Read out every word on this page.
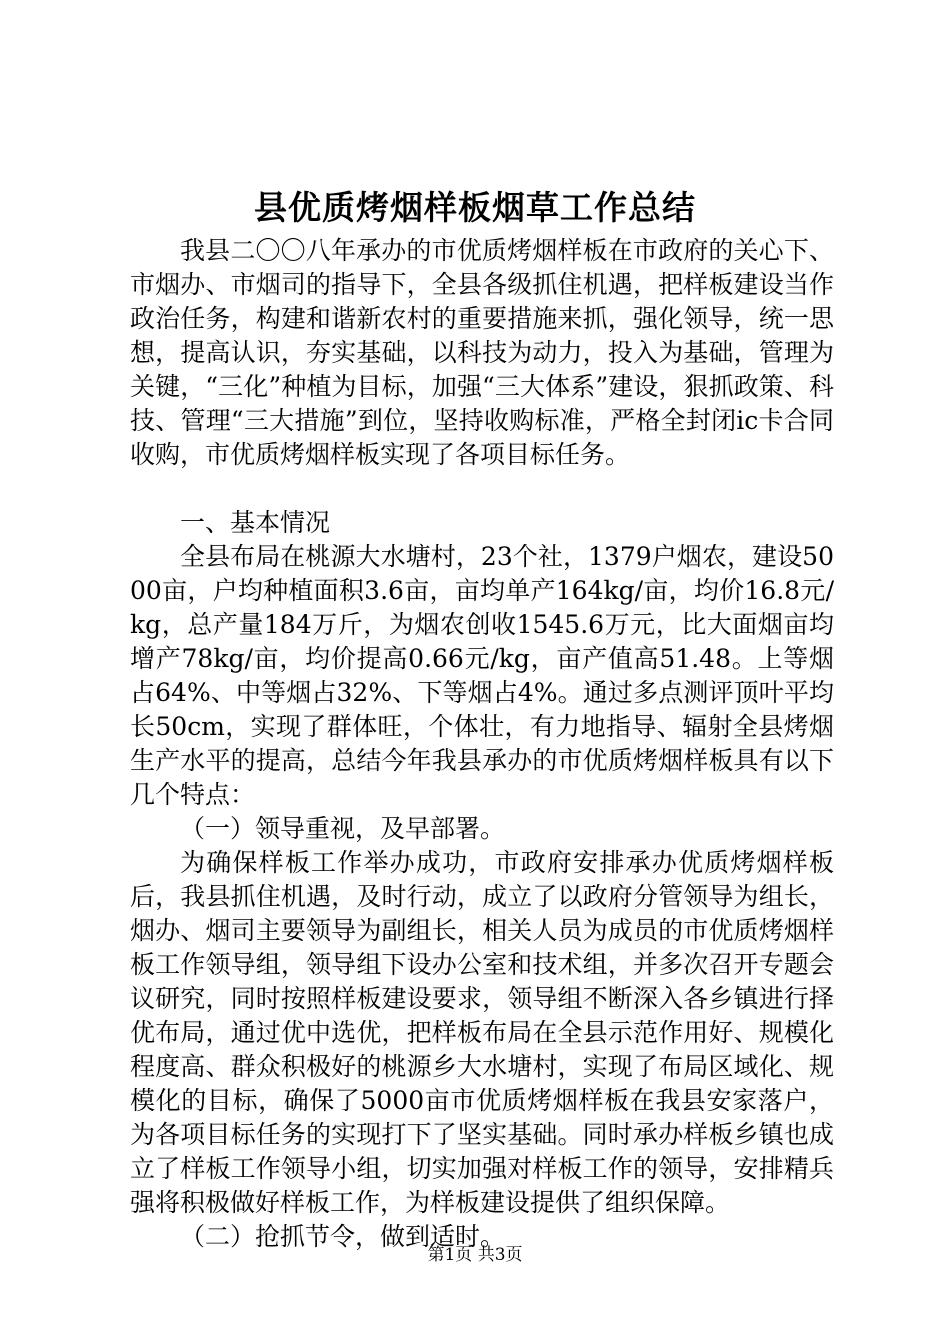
县优质烤烟样板烟草工作总结

我县二〇〇八年承办的市优质烤烟样板在市政府的关心下、市烟办、市烟司的指导下，全县各级抓住机遇，把样板建设当作政治任务，构建和谐新农村的重要措施来抓，强化领导，统一思想，提高认识，夯实基础，以科技为动力，投入为基础，管理为关键，“三化”种植为目标，加强“三大体系”建设，狠抓政策、科技、管理“三大措施”到位，坚持收购标准，严格全封闭ic卡合同收购，市优质烤烟样板实现了各项目标任务。

一、基本情况

全县布局在桃源大水塘村，23个社，1379户烟农，建设5000亩，户均种植面积3.6亩，亩均单产164kg/亩，均价16.8元/kg，总产量184万斤，为烟农创收1545.6万元，比大面烟亩均增产78kg/亩，均价提高0.66元/kg，亩产值高51.48。上等烟占64%、中等烟占32%、下等烟占4%。通过多点测评顶叶平均长50cm，实现了群体旺，个体壮，有力地指导、辐射全县烤烟生产水平的提高，总结今年我县承办的市优质烤烟样板具有以下几个特点：

（一）领导重视，及早部署。

为确保样板工作举办成功，市政府安排承办优质烤烟样板后，我县抓住机遇，及时行动，成立了以政府分管领导为组长，烟办、烟司主要领导为副组长，相关人员为成员的市优质烤烟样板工作领导组，领导组下设办公室和技术组，并多次召开专题会议研究，同时按照样板建设要求，领导组不断深入各乡镇进行择优布局，通过优中选优，把样板布局在全县示范作用好、规模化程度高、群众积极好的桃源乡大水塘村，实现了布局区域化、规模化的目标，确保了5000亩市优质烤烟样板在我县安家落户，为各项目标任务的实现打下了坚实基础。同时承办样板乡镇也成立了样板工作领导小组，切实加强对样板工作的领导，安排精兵强将积极做好样板工作，为样板建设提供了组织保障。

（二）抢抓节令，做到适时。

第1页 共3页
